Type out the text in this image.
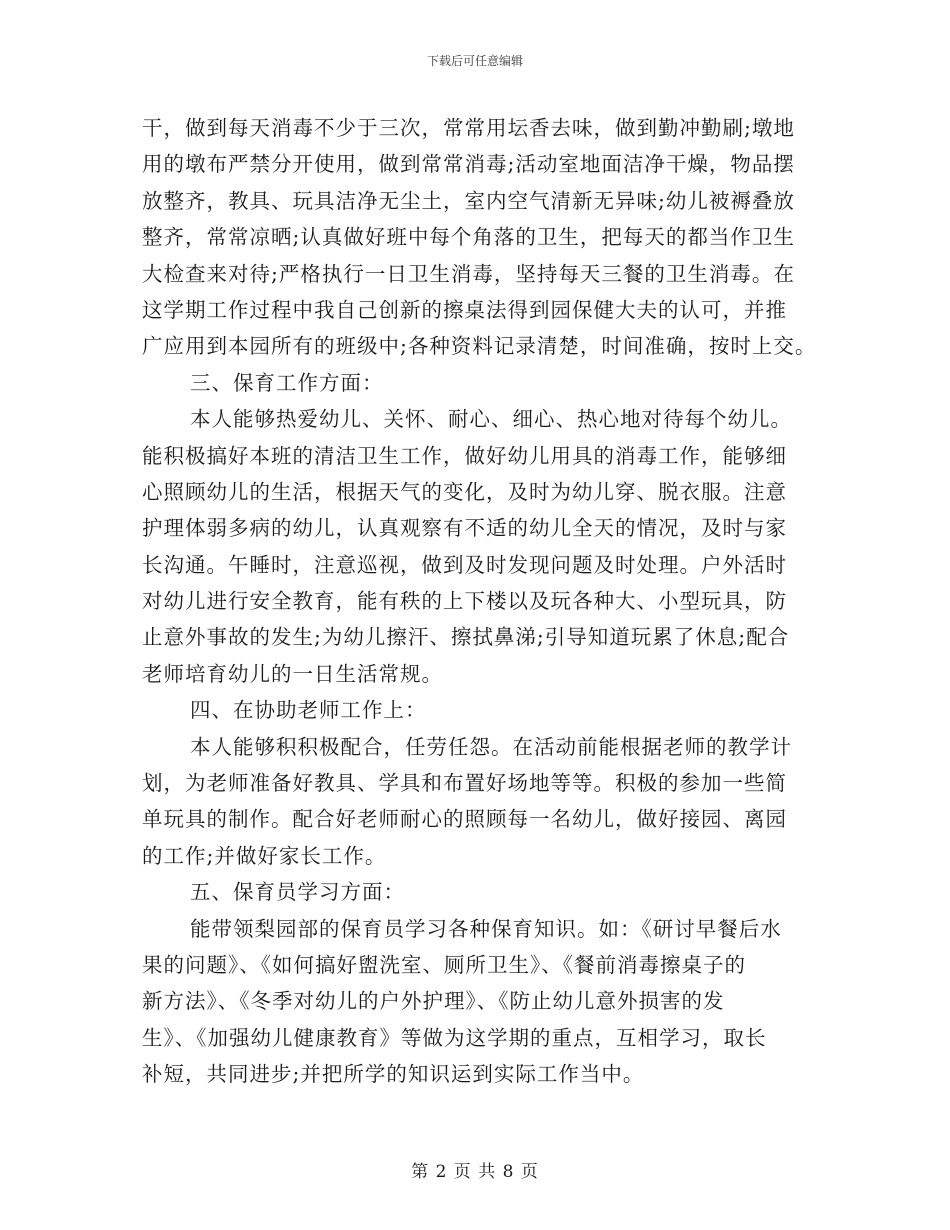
下载后可任意编辑
干，做到每天消毒不少于三次，常常用坛香去味，做到勤冲勤刷;墩地
用的墩布严禁分开使用，做到常常消毒;活动室地面洁净干燥，物品摆
放整齐，教具、玩具洁净无尘土，室内空气清新无异味;幼儿被褥叠放
整齐，常常凉晒;认真做好班中每个角落的卫生，把每天的都当作卫生
大检查来对待;严格执行一日卫生消毒，坚持每天三餐的卫生消毒。在
这学期工作过程中我自己创新的擦桌法得到园保健大夫的认可，并推
广应用到本园所有的班级中;各种资料记录清楚，时间准确，按时上交。
三、保育工作方面：
本人能够热爱幼儿、关怀、耐心、细心、热心地对待每个幼儿。
能积极搞好本班的清洁卫生工作，做好幼儿用具的消毒工作，能够细
心照顾幼儿的生活，根据天气的变化，及时为幼儿穿、脱衣服。注意
护理体弱多病的幼儿，认真观察有不适的幼儿全天的情况，及时与家
长沟通。午睡时，注意巡视，做到及时发现问题及时处理。户外活时
对幼儿进行安全教育，能有秩的上下楼以及玩各种大、小型玩具，防
止意外事故的发生;为幼儿擦汗、擦拭鼻涕;引导知道玩累了休息;配合
老师培育幼儿的一日生活常规。
四、在协助老师工作上：
本人能够积积极配合，任劳任怨。在活动前能根据老师的教学计
划，为老师准备好教具、学具和布置好场地等等。积极的参加一些简
单玩具的制作。配合好老师耐心的照顾每一名幼儿，做好接园、离园
的工作;并做好家长工作。
五、保育员学习方面：
能带领梨园部的保育员学习各种保育知识。如：《研讨早餐后水
果的问题》、《如何搞好盥洗室、厕所卫生》、《餐前消毒擦桌子的
新方法》、《冬季对幼儿的户外护理》、《防止幼儿意外损害的发
生》、《加强幼儿健康教育》等做为这学期的重点，互相学习，取长
补短，共同进步;并把所学的知识运到实际工作当中。
第 2 页 共 8 页
